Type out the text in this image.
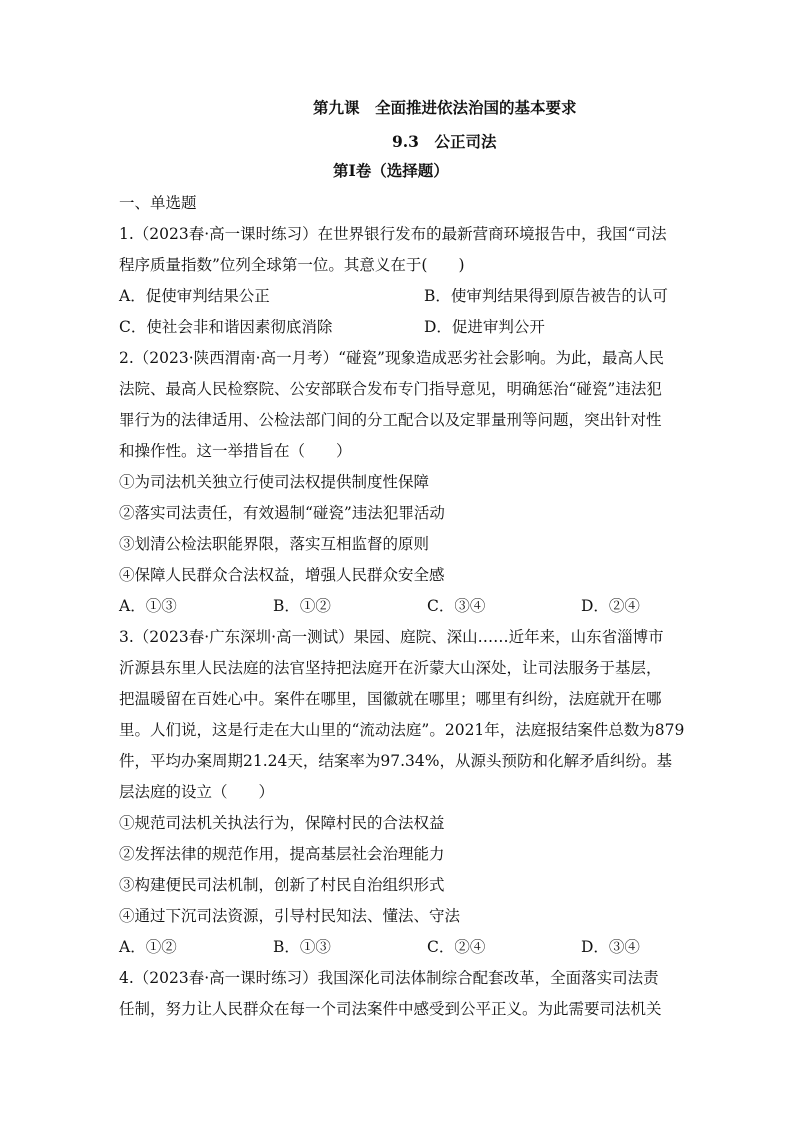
第九课　全面推进依法治国的基本要求
9.3　公正司法
第Ⅰ卷（选择题）
一、单选题
1.（2023春·高一课时练习）在世界银行发布的最新营商环境报告中，我国“司法
程序质量指数”位列全球第一位。其意义在于(　　)
A．促使审判结果公正	B．使审判结果得到原告被告的认可
C．使社会非和谐因素彻底消除	D．促进审判公开
2.（2023·陕西渭南·高一月考）“碰瓷”现象造成恶劣社会影响。为此，最高人民
法院、最高人民检察院、公安部联合发布专门指导意见，明确惩治“碰瓷”违法犯
罪行为的法律适用、公检法部门间的分工配合以及定罪量刑等问题，突出针对性
和操作性。这一举措旨在（　　）
①为司法机关独立行使司法权提供制度性保障
②落实司法责任，有效遏制“碰瓷”违法犯罪活动
③划清公检法职能界限，落实互相监督的原则
④保障人民群众合法权益，增强人民群众安全感
A．①③	B．①②	C．③④	D．②④
3.（2023春·广东深圳·高一测试）果园、庭院、深山……近年来，山东省淄博市
沂源县东里人民法庭的法官坚持把法庭开在沂蒙大山深处，让司法服务于基层，
把温暖留在百姓心中。案件在哪里，国徽就在哪里；哪里有纠纷，法庭就开在哪
里。人们说，这是行走在大山里的“流动法庭”。2021年，法庭报结案件总数为879
件，平均办案周期21.24天，结案率为97.34%，从源头预防和化解矛盾纠纷。基
层法庭的设立（　　）
①规范司法机关执法行为，保障村民的合法权益
②发挥法律的规范作用，提高基层社会治理能力
③构建便民司法机制，创新了村民自治组织形式
④通过下沉司法资源，引导村民知法、懂法、守法
A．①②	B．①③	C．②④	D．③④
4.（2023春·高一课时练习）我国深化司法体制综合配套改革，全面落实司法责
任制，努力让人民群众在每一个司法案件中感受到公平正义。为此需要司法机关
